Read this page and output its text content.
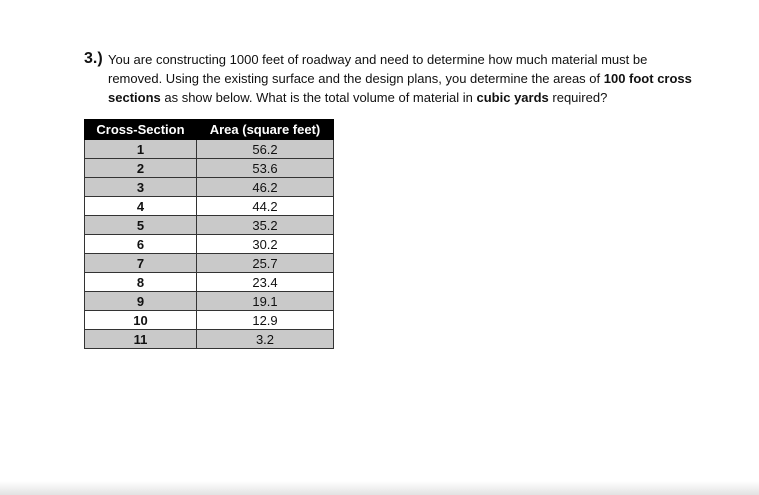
3.) You are constructing 1000 feet of roadway and need to determine how much material must be
removed. Using the existing surface and the design plans, you determine the areas of 100 foot cross
sections as show below. What is the total volume of material in cubic yards required?
Cross-Section	Area (square feet)
1	56.2
2	53.6
3	46.2
4	44.2
5	35.2
6	30.2
7	25.7
8	23.4
9	19.1
10	12.9
11	3.2
